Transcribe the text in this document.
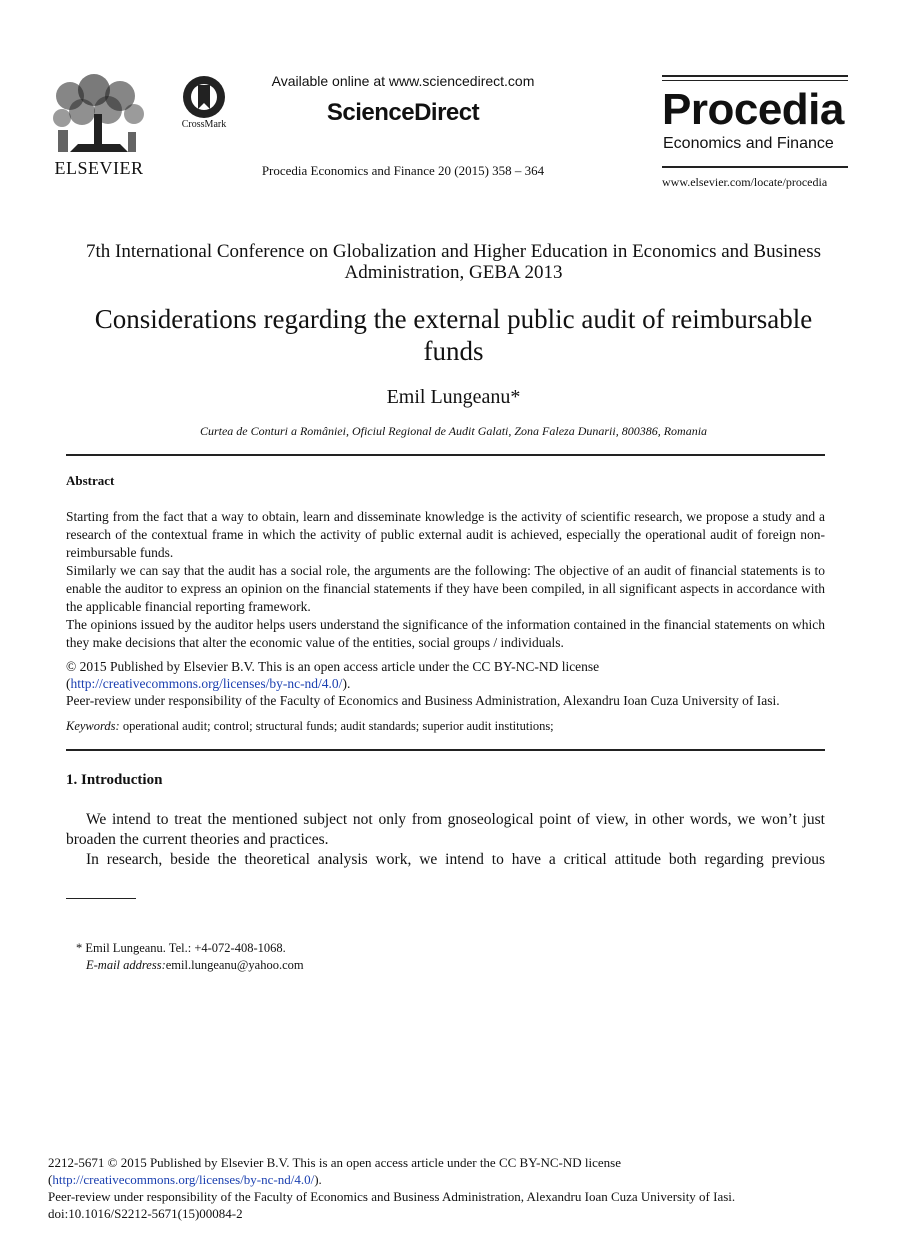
ELSEVIER
CrossMark
Available online at www.sciencedirect.com
ScienceDirect
Procedia Economics and Finance 20 (2015) 358 – 364
Procedia
Economics and Finance
www.elsevier.com/locate/procedia
7th International Conference on Globalization and Higher Education in Economics and Business Administration, GEBA 2013
Considerations regarding the external public audit of reimbursable funds
Emil Lungeanu*
Curtea de Conturi a României, Oficiul Regional de Audit Galati, Zona Faleza Dunarii, 800386, Romania
Abstract
Starting from the fact that a way to obtain, learn and disseminate knowledge is the activity of scientific research, we propose a study and a research of the contextual frame in which the activity of public external audit is achieved, especially the operational audit of foreign non-reimbursable funds.
Similarly we can say that the audit has a social role, the arguments are the following: The objective of an audit of financial statements is to enable the auditor to express an opinion on the financial statements if they have been compiled, in all significant aspects in accordance with the applicable financial reporting framework.
The opinions issued by the auditor helps users understand the significance of the information contained in the financial statements on which they make decisions that alter the economic value of the entities, social groups / individuals.
© 2015 Published by Elsevier B.V. This is an open access article under the CC BY-NC-ND license
(http://creativecommons.org/licenses/by-nc-nd/4.0/).
Peer-review under responsibility of the Faculty of Economics and Business Administration, Alexandru Ioan Cuza University of Iasi.
Keywords: operational audit; control; structural funds; audit standards; superior audit institutions;
1. Introduction
We intend to treat the mentioned subject not only from gnoseological point of view, in other words, we won’t just broaden the current theories and practices.
In research, beside the theoretical analysis work, we intend to have a critical attitude both regarding previous
* Emil Lungeanu. Tel.: +4-072-408-1068.
E-mail address:emil.lungeanu@yahoo.com
2212-5671 © 2015 Published by Elsevier B.V. This is an open access article under the CC BY-NC-ND license
(http://creativecommons.org/licenses/by-nc-nd/4.0/).
Peer-review under responsibility of the Faculty of Economics and Business Administration, Alexandru Ioan Cuza University of Iasi.
doi:10.1016/S2212-5671(15)00084-2
